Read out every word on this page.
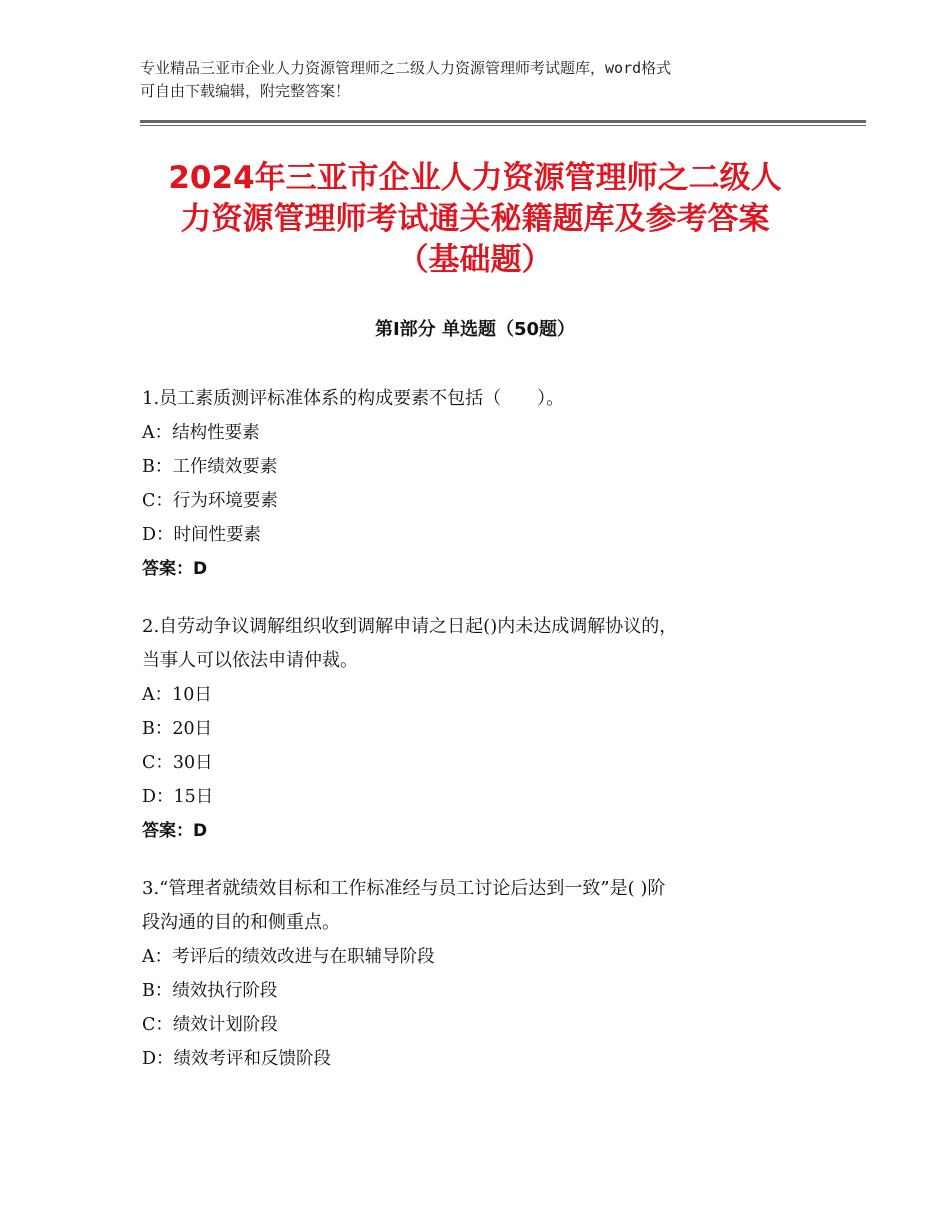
专业精品三亚市企业人力资源管理师之二级人力资源管理师考试题库，word格式
可自由下载编辑，附完整答案！
2024年三亚市企业人力资源管理师之二级人
力资源管理师考试通关秘籍题库及参考答案
（基础题）
第Ⅰ部分 单选题（50题）

1.员工素质测评标准体系的构成要素不包括（　　）。

A：结构性要素

B：工作绩效要素

C：行为环境要素

D：时间性要素

答案：D

2.自劳动争议调解组织收到调解申请之日起()内未达成调解协议的，

当事人可以依法申请仲裁。

A：10日

B：20日

C：30日

D：15日

答案：D

3.“管理者就绩效目标和工作标准经与员工讨论后达到一致”是( )阶

段沟通的目的和侧重点。

A：考评后的绩效改进与在职辅导阶段

B：绩效执行阶段

C：绩效计划阶段

D：绩效考评和反馈阶段
